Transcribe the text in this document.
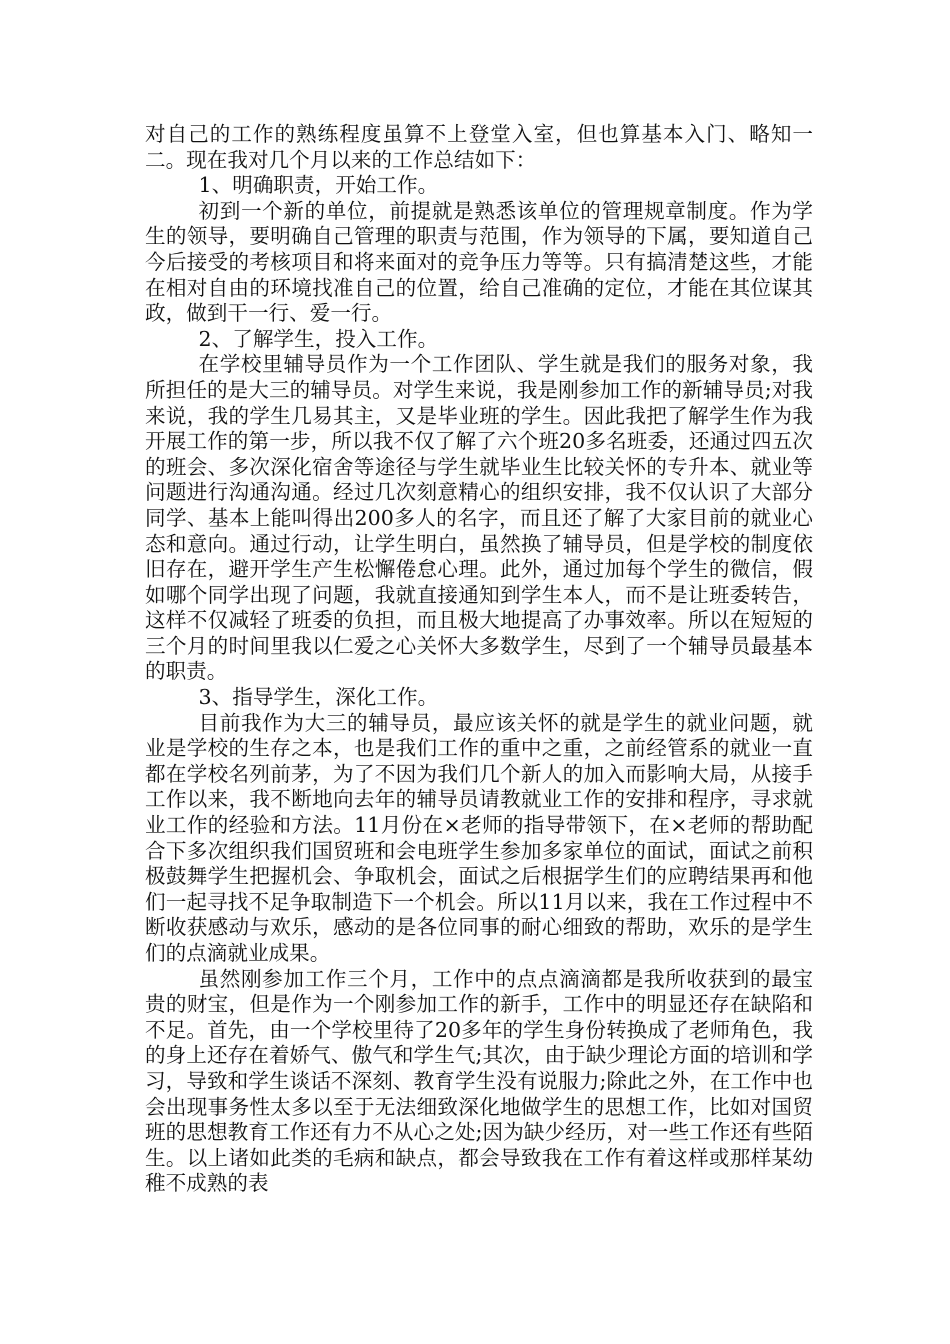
对自己的工作的熟练程度虽算不上登堂入室，但也算基本入门、略知一二。现在我对几个月以来的工作总结如下：

1、明确职责，开始工作。

初到一个新的单位，前提就是熟悉该单位的管理规章制度。作为学生的领导，要明确自己管理的职责与范围，作为领导的下属，要知道自己今后接受的考核项目和将来面对的竞争压力等等。只有搞清楚这些，才能在相对自由的环境找准自己的位置，给自己准确的定位，才能在其位谋其政，做到干一行、爱一行。

2、了解学生，投入工作。

在学校里辅导员作为一个工作团队、学生就是我们的服务对象，我所担任的是大三的辅导员。对学生来说，我是刚参加工作的新辅导员;对我来说，我的学生几易其主，又是毕业班的学生。因此我把了解学生作为我开展工作的第一步，所以我不仅了解了六个班20多名班委，还通过四五次的班会、多次深化宿舍等途径与学生就毕业生比较关怀的专升本、就业等问题进行沟通沟通。经过几次刻意精心的组织安排，我不仅认识了大部分同学、基本上能叫得出200多人的名字，而且还了解了大家目前的就业心态和意向。通过行动，让学生明白，虽然换了辅导员，但是学校的制度依旧存在，避开学生产生松懈倦怠心理。此外，通过加每个学生的微信，假如哪个同学出现了问题，我就直接通知到学生本人，而不是让班委转告，这样不仅减轻了班委的负担，而且极大地提高了办事效率。所以在短短的三个月的时间里我以仁爱之心关怀大多数学生，尽到了一个辅导员最基本的职责。

3、指导学生，深化工作。

目前我作为大三的辅导员，最应该关怀的就是学生的就业问题，就业是学校的生存之本，也是我们工作的重中之重，之前经管系的就业一直都在学校名列前茅，为了不因为我们几个新人的加入而影响大局，从接手工作以来，我不断地向去年的辅导员请教就业工作的安排和程序，寻求就业工作的经验和方法。11月份在×老师的指导带领下，在×老师的帮助配合下多次组织我们国贸班和会电班学生参加多家单位的面试，面试之前积极鼓舞学生把握机会、争取机会，面试之后根据学生们的应聘结果再和他们一起寻找不足争取制造下一个机会。所以11月以来，我在工作过程中不断收获感动与欢乐，感动的是各位同事的耐心细致的帮助，欢乐的是学生们的点滴就业成果。

虽然刚参加工作三个月，工作中的点点滴滴都是我所收获到的最宝贵的财宝，但是作为一个刚参加工作的新手，工作中的明显还存在缺陷和不足。首先，由一个学校里待了20多年的学生身份转换成了老师角色，我的身上还存在着娇气、傲气和学生气;其次，由于缺少理论方面的培训和学习，导致和学生谈话不深刻、教育学生没有说服力;除此之外，在工作中也会出现事务性太多以至于无法细致深化地做学生的思想工作，比如对国贸班的思想教育工作还有力不从心之处;因为缺少经历，对一些工作还有些陌生。以上诸如此类的毛病和缺点，都会导致我在工作有着这样或那样某幼稚不成熟的表
